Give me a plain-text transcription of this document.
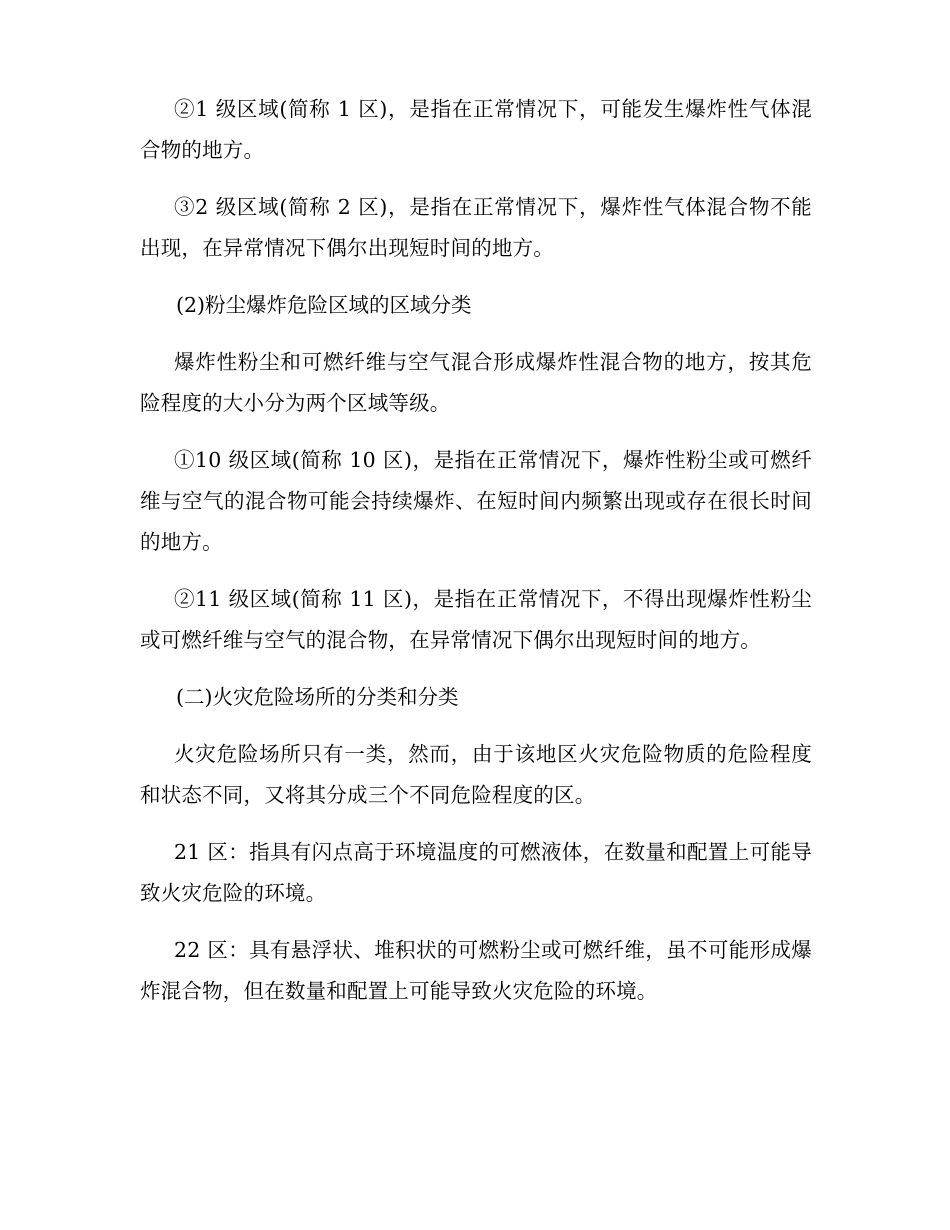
②1 级区域(简称 1 区)，是指在正常情况下，可能发生爆炸性气体混合物的地方。

③2 级区域(简称 2 区)，是指在正常情况下，爆炸性气体混合物不能出现，在异常情况下偶尔出现短时间的地方。

(2)粉尘爆炸危险区域的区域分类

爆炸性粉尘和可燃纤维与空气混合形成爆炸性混合物的地方，按其危险程度的大小分为两个区域等级。

①10 级区域(简称 10 区)，是指在正常情况下，爆炸性粉尘或可燃纤维与空气的混合物可能会持续爆炸、在短时间内频繁出现或存在很长时间的地方。

②11 级区域(简称 11 区)，是指在正常情况下，不得出现爆炸性粉尘或可燃纤维与空气的混合物，在异常情况下偶尔出现短时间的地方。

(二)火灾危险场所的分类和分类

火灾危险场所只有一类，然而，由于该地区火灾危险物质的危险程度和状态不同，又将其分成三个不同危险程度的区。

21 区：指具有闪点高于环境温度的可燃液体，在数量和配置上可能导致火灾危险的环境。

22 区：具有悬浮状、堆积状的可燃粉尘或可燃纤维，虽不可能形成爆炸混合物，但在数量和配置上可能导致火灾危险的环境。
